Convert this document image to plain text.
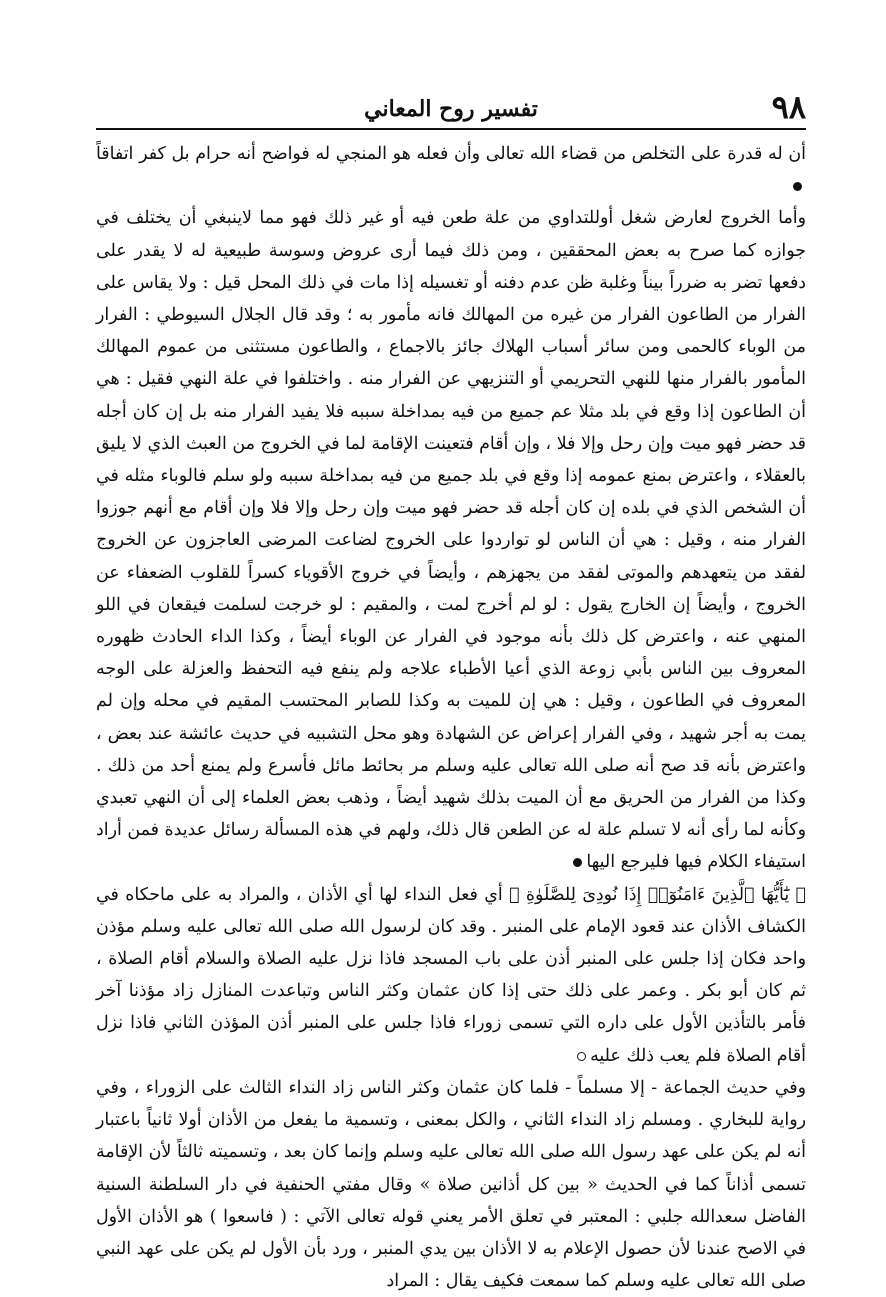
٩٨
تفسير روح المعاني

أن له قدرة على التخلص من قضاء الله تعالى وأن فعله هو المنجي له فواضح أنه حرام بل كفر اتفاقاً

وأما الخروج لعارض شغل أوللتداوي من علة طعن فيه أو غير ذلك فهو مما لاينبغي أن يختلف في جوازه كما صرح به بعض المحققين ، ومن ذلك فيما أرى عروض وسوسة طبيعية له لا يقدر على دفعها تضر به ضرراً بيناً وغلبة ظن عدم دفنه أو تغسيله إذا مات في ذلك المحل قيل : ولا يقاس على الفرار من الطاعون الفرار من غيره من المهالك فانه مأمور به ؛ وقد قال الجلال السيوطي : الفرار من الوباء كالحمى ومن سائر أسباب الهلاك جائز بالاجماع ، والطاعون مستثنى من عموم المهالك المأمور بالفرار منها للنهي التحريمي أو التنزيهي عن الفرار منه . واختلفوا في علة النهي فقيل : هي أن الطاعون إذا وقع في بلد مثلا عم جميع من فيه بمداخلة سببه فلا يفيد الفرار منه بل إن كان أجله قد حضر فهو ميت وإن رحل وإلا فلا ، وإن أقام فتعينت الإقامة لما في الخروج من العبث الذي لا يليق بالعقلاء ، واعترض بمنع عمومه إذا وقع في بلد جميع من فيه بمداخلة سببه ولو سلم فالوباء مثله في أن الشخص الذي في بلده إن كان أجله قد حضر فهو ميت وإن رحل وإلا فلا وإن أقام مع أنهم جوزوا الفرار منه ، وقيل : هي أن الناس لو تواردوا على الخروج لضاعت المرضى العاجزون عن الخروج لفقد من يتعهدهم والموتى لفقد من يجهزهم ، وأيضاً في خروج الأقوياء كسراً للقلوب الضعفاء عن الخروج ، وأيضاً إن الخارج يقول : لو لم أخرج لمت ، والمقيم : لو خرجت لسلمت فيقعان في اللو المنهي عنه ، واعترض كل ذلك بأنه موجود في الفرار عن الوباء أيضاً ، وكذا الداء الحادث ظهوره المعروف بين الناس بأبي زوعة الذي أعيا الأطباء علاجه ولم ينفع فيه التحفظ والعزلة على الوجه المعروف في الطاعون ، وقيل : هي إن للميت به وكذا للصابر المحتسب المقيم في محله وإن لم يمت به أجر شهيد ، وفي الفرار إعراض عن الشهادة وهو محل التشبيه في حديث عائشة عند بعض ، واعترض بأنه قد صح أنه صلى الله تعالى عليه وسلم مر بحائط مائل فأسرع ولم يمنع أحد من ذلك . وكذا من الفرار من الحريق مع أن الميت بذلك شهيد أيضاً ، وذهب بعض العلماء إلى أن النهي تعبدي وكأنه لما رأى أنه لا تسلم علة له عن الطعن قال ذلك، ولهم في هذه المسألة رسائل عديدة فمن أراد استيفاء الكلام فيها فليرجع اليها

﴿ يَٰٓأَيُّهَا ٱلَّذِينَ ءَامَنُوٓا۟ إِذَا نُودِىَ لِلصَّلَوٰةِ ﴾ أي فعل النداء لها أي الأذان ، والمراد به على ماحكاه في الكشاف الأذان عند قعود الإمام على المنبر . وقد كان لرسول الله صلى الله تعالى عليه وسلم مؤذن واحد فكان إذا جلس على المنبر أذن على باب المسجد فاذا نزل عليه الصلاة والسلام أقام الصلاة ، ثم كان أبو بكر . وعمر على ذلك حتى إذا كان عثمان وكثر الناس وتباعدت المنازل زاد مؤذنا آخر فأمر بالتأذين الأول على داره التي تسمى زوراء فاذا جلس على المنبر أذن المؤذن الثاني فاذا نزل أقام الصلاة فلم يعب ذلك عليه

وفي حديث الجماعة - إلا مسلماً - فلما كان عثمان وكثر الناس زاد النداء الثالث على الزوراء ، وفي رواية للبخاري . ومسلم زاد النداء الثاني ، والكل بمعنى ، وتسمية ما يفعل من الأذان أولا ثانياً باعتبار أنه لم يكن على عهد رسول الله صلى الله تعالى عليه وسلم وإنما كان بعد ، وتسميته ثالثاً لأن الإقامة تسمى أذاناً كما في الحديث « بين كل أذانين صلاة » وقال مفتي الحنفية في دار السلطنة السنية الفاضل سعدالله جلبي : المعتبر في تعلق الأمر يعني قوله تعالى الآتي : ( فاسعوا ) هو الأذان الأول في الاصح عندنا لأن حصول الإعلام به لا الأذان بين يدي المنبر ، ورد بأن الأول لم يكن على عهد النبي صلى الله تعالى عليه وسلم كما سمعت فكيف يقال : المراد
